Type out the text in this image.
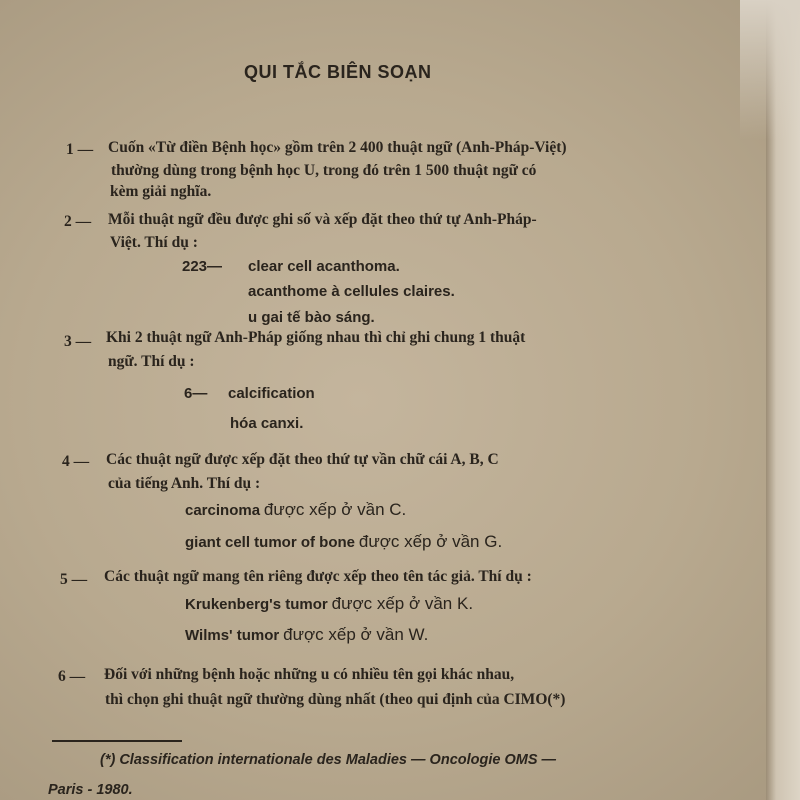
QUI TẮC BIÊN SOẠN
1 — Cuốn «Từ điền Bệnh học» gồm trên 2 400 thuật ngữ (Anh-Pháp-Việt)
thường dùng trong bệnh học U, trong đó trên 1 500 thuật ngữ có
kèm giải nghĩa.
2 — Mỗi thuật ngữ đều được ghi số và xếp đặt theo thứ tự Anh-Pháp-
Việt. Thí dụ :
223— clear cell acanthoma.
acanthome à cellules claires.
u gai tế bào sáng.
3 — Khi 2 thuật ngữ Anh-Pháp giống nhau thì chỉ ghi chung 1 thuật
ngữ. Thí dụ :
6— calcification
hóa canxi.
4 — Các thuật ngữ được xếp đặt theo thứ tự vần chữ cái A, B, C
của tiếng Anh. Thí dụ :
carcinoma được xếp ở vần C.
giant cell tumor of bone được xếp ở vần G.
5 — Các thuật ngữ mang tên riêng được xếp theo tên tác giả. Thí dụ :
Krukenberg's tumor được xếp ở vần K.
Wilms' tumor được xếp ở vần W.
6 — Đối với những bệnh hoặc những u có nhiều tên gọi khác nhau,
thì chọn ghi thuật ngữ thường dùng nhất (theo qui định của CIMO(*)
(*) Classification internationale des Maladies — Oncologie OMS —
Paris - 1980.
